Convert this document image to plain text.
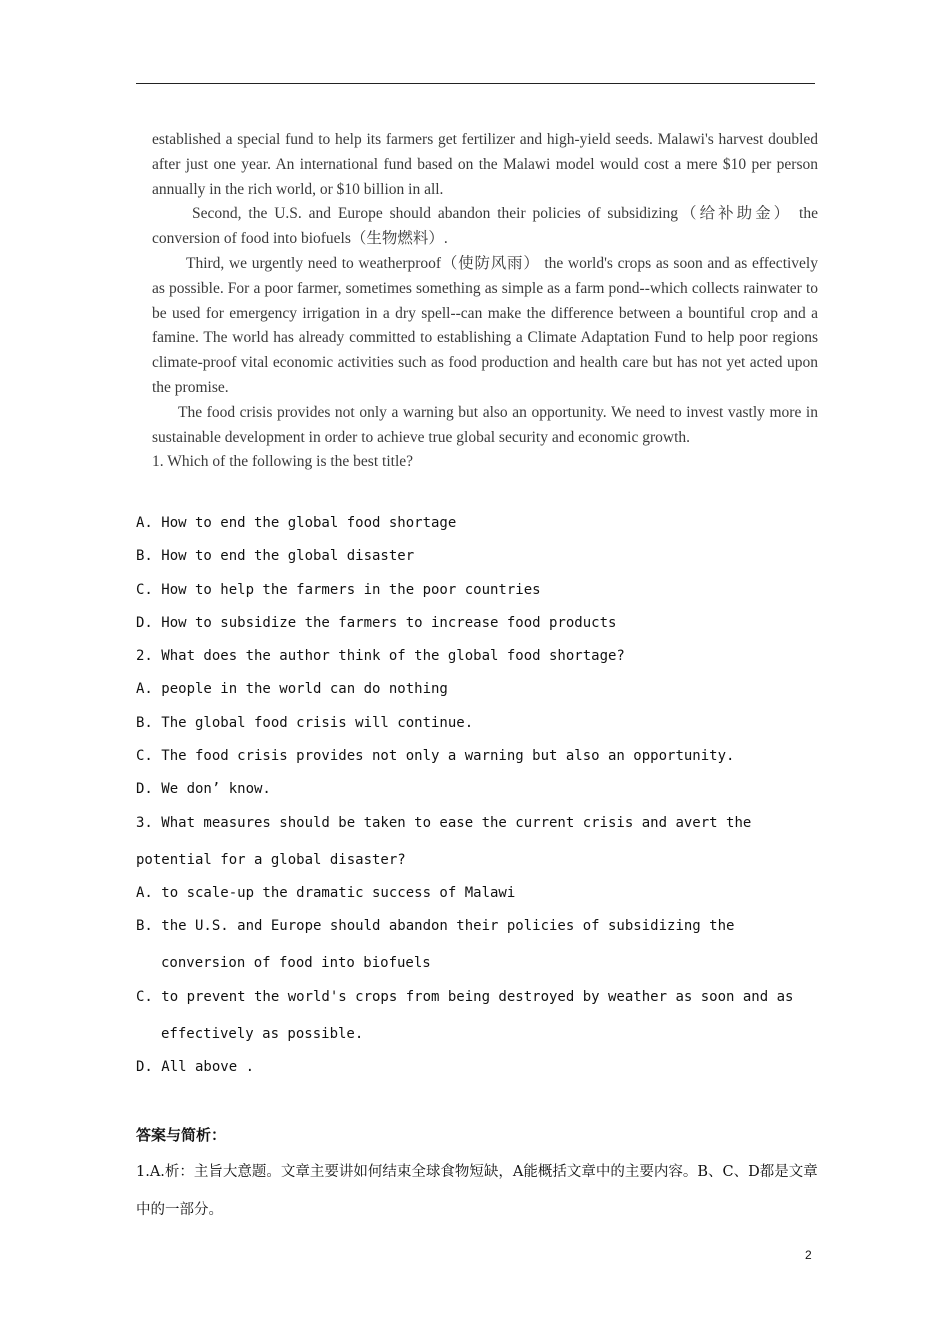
established a special fund to help its farmers get fertilizer and high-yield seeds. Malawi's harvest doubled after just one year. An international fund based on the Malawi model would cost a mere $10 per person annually in the rich world, or $10 billion in all.

Second, the U.S. and Europe should abandon their policies of subsidizing（给补助金） the conversion of food into biofuels（生物燃料）.

Third, we urgently need to weatherproof（使防风雨） the world's crops as soon and as effectively as possible. For a poor farmer, sometimes something as simple as a farm pond--which collects rainwater to be used for emergency irrigation in a dry spell--can make the difference between a bountiful crop and a famine. The world has already committed to establishing a Climate Adaptation Fund to help poor regions climate-proof vital economic activities such as food production and health care but has not yet acted upon the promise.

The food crisis provides not only a warning but also an opportunity. We need to invest vastly more in sustainable development in order to achieve true global security and economic growth.

1. Which of the following is the best title?

A. How to end the global food shortage
B. How to end the global disaster
C. How to help the farmers in the poor countries
D. How to subsidize the farmers to increase food products
2. What does the author think of the global food shortage?
A. people in the world can do nothing
B. The global food crisis will continue.
C. The food crisis provides not only a warning but also an opportunity.
D. We don’ know.
3. What measures should be taken to ease the current crisis and avert the
potential for a global disaster?
A. to scale-up the dramatic success of Malawi
B. the U.S. and Europe should abandon their policies of subsidizing the
conversion of food into biofuels
C. to prevent the world's crops from being destroyed by weather as soon and as
effectively as possible.
D. All above .
答案与简析：
1.A.析：主旨大意题。文章主要讲如何结束全球食物短缺，A能概括文章中的主要内容。B、C、D都是文章中的一部分。
2
